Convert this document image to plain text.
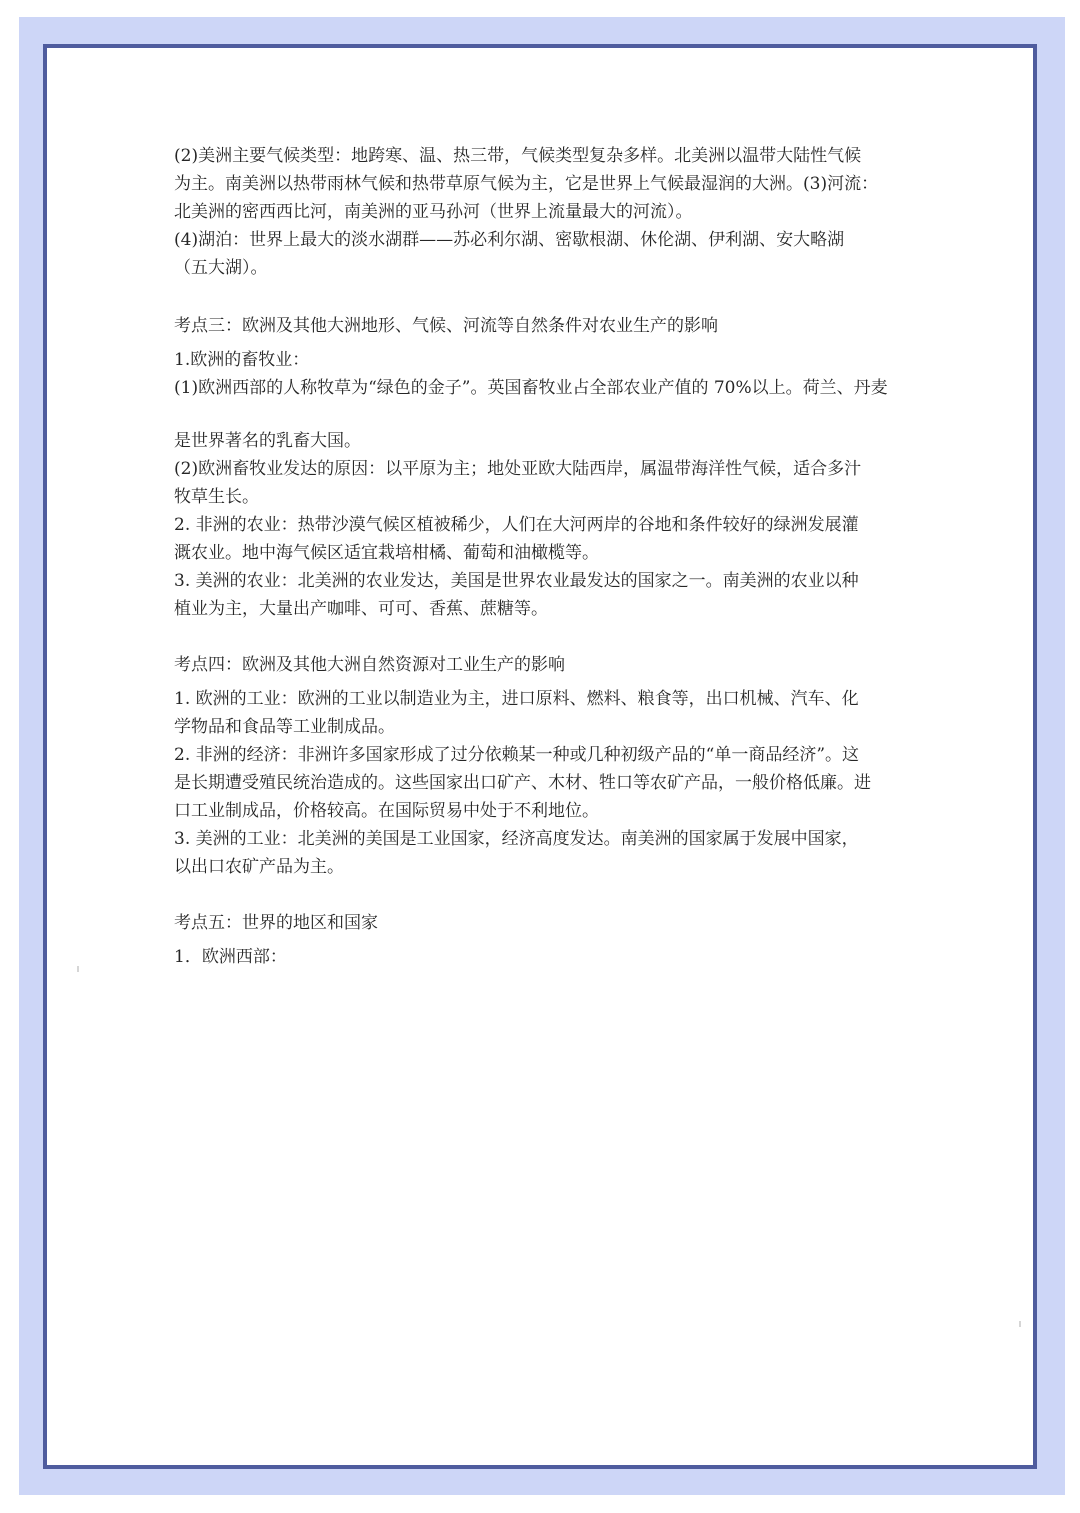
(2)美洲主要气候类型：地跨寒、温、热三带，气候类型复杂多样。北美洲以温带大陆性气候

为主。南美洲以热带雨林气候和热带草原气候为主，它是世界上气候最湿润的大洲。(3)河流：

北美洲的密西西比河，南美洲的亚马孙河（世界上流量最大的河流）。

(4)湖泊：世界上最大的淡水湖群——苏必利尔湖、密歇根湖、休伦湖、伊利湖、安大略湖

（五大湖）。

考点三：欧洲及其他大洲地形、气候、河流等自然条件对农业生产的影响

1.欧洲的畜牧业：

(1)欧洲西部的人称牧草为“绿色的金子”。英国畜牧业占全部农业产值的 70%以上。荷兰、丹麦

是世界著名的乳畜大国。

(2)欧洲畜牧业发达的原因：以平原为主；地处亚欧大陆西岸，属温带海洋性气候，适合多汁

牧草生长。

2. 非洲的农业：热带沙漠气候区植被稀少，人们在大河两岸的谷地和条件较好的绿洲发展灌

溉农业。地中海气候区适宜栽培柑橘、葡萄和油橄榄等。

3. 美洲的农业：北美洲的农业发达，美国是世界农业最发达的国家之一。南美洲的农业以种

植业为主，大量出产咖啡、可可、香蕉、蔗糖等。

考点四：欧洲及其他大洲自然资源对工业生产的影响

1. 欧洲的工业：欧洲的工业以制造业为主，进口原料、燃料、粮食等，出口机械、汽车、化

学物品和食品等工业制成品。

2. 非洲的经济：非洲许多国家形成了过分依赖某一种或几种初级产品的“单一商品经济”。这

是长期遭受殖民统治造成的。这些国家出口矿产、木材、牲口等农矿产品，一般价格低廉。进

口工业制成品，价格较高。在国际贸易中处于不利地位。

3. 美洲的工业：北美洲的美国是工业国家，经济高度发达。南美洲的国家属于发展中国家，

以出口农矿产品为主。

考点五：世界的地区和国家

1．欧洲西部：
